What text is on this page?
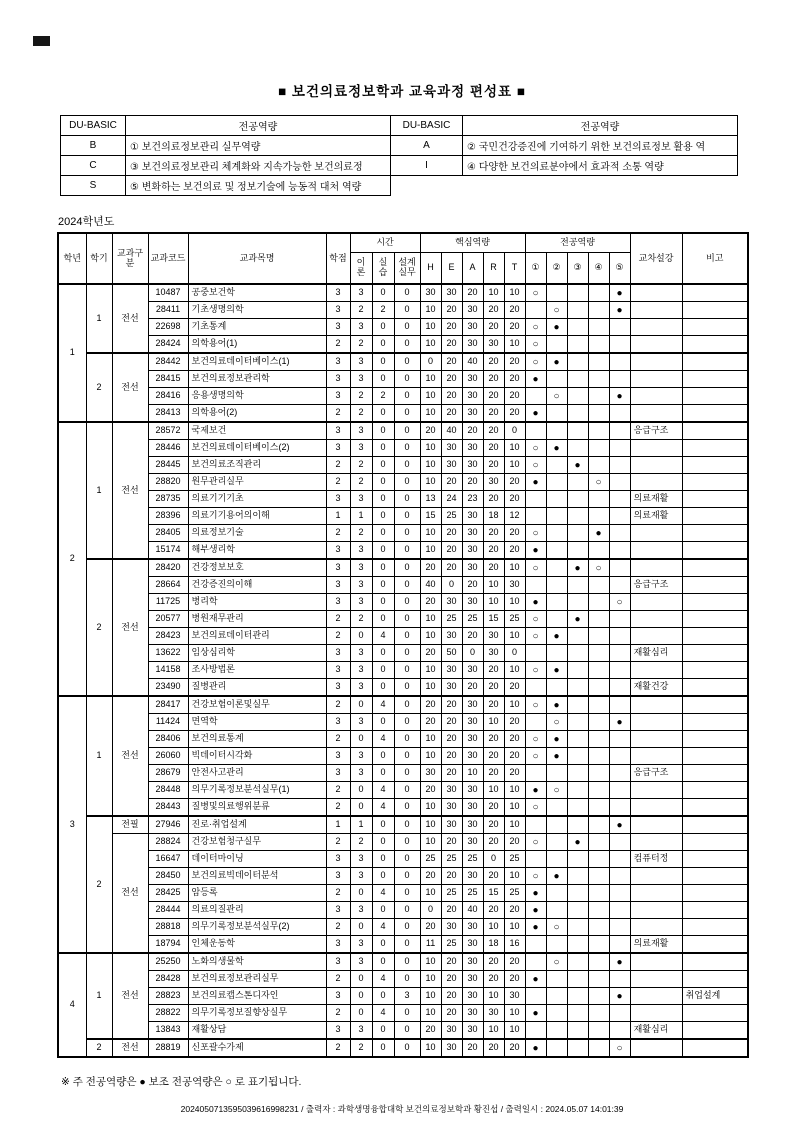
■ 보건의료정보학과 교육과정 편성표 ■
DU-BASIC	전공역량	DU-BASIC	전공역량
B	① 보건의료정보관리 실무역량	A	② 국민건강증진에 기여하기 위한 보건의료정보 활용 역
C	③ 보건의료정보관리 체계화와 지속가능한 보건의료정	I	④ 다양한 보건의료분야에서 효과적 소통 역량
S	⑤ 변화하는 보건의료 및 정보기술에 능동적 대처 역량		
2024학년도
학년	학기	교과구분	교과코드	교과목명	학점	시간			핵심역량					전공역량					교차설강	비고
						이론	실습	설계실무	H	E	A	R	T	①	②	③	④	⑤		
1	1	전선	10487	공중보건학	3	3	0	0	30	30	20	10	10	○				●		
			28411	기초생명의학	3	2	2	0	10	20	30	20	20		○			●		
			22698	기초통계	3	3	0	0	10	20	30	20	20	○	●					
			28424	의학용어(1)	2	2	0	0	10	20	30	30	10	○						
	2	전선	28442	보건의료데이터베이스(1)	3	3	0	0	0	20	40	20	20	○	●					
			28415	보건의료정보관리학	3	3	0	0	10	20	30	20	20	●						
			28416	응용생명의학	3	2	2	0	10	20	30	20	20		○			●		
			28413	의학용어(2)	2	2	0	0	10	20	30	20	20	●						
2	1	전선	28572	국제보건	3	3	0	0	20	40	20	20	0						응급구조	
			28446	보건의료데이터베이스(2)	3	3	0	0	10	30	30	20	10	○	●					
			28445	보건의료조직관리	2	2	0	0	10	30	30	20	10	○		●				
			28820	원무관리실무	2	2	0	0	10	20	20	30	20	●			○			
			28735	의료기기기초	3	3	0	0	13	24	23	20	20						의료재활	
			28396	의료기기용어의이해	1	1	0	0	15	25	30	18	12						의료재활	
			28405	의료정보기술	2	2	0	0	10	20	30	20	20	○			●			
			15174	해부생리학	3	3	0	0	10	20	30	20	20	●						
	2	전선	28420	건강정보보호	3	3	0	0	20	20	30	20	10	○		●	○			
			28664	건강증진의이해	3	3	0	0	40	0	20	10	30						응급구조	
			11725	병리학	3	3	0	0	20	30	30	10	10	●				○		
			20577	병원재무관리	2	2	0	0	10	25	25	15	25	○		●				
			28423	보건의료데이터관리	2	0	4	0	10	30	20	30	10	○	●					
			13622	임상심리학	3	3	0	0	20	50	0	30	0						재활심리	
			14158	조사방법론	3	3	0	0	10	30	30	20	10	○	●					
			23490	질병관리	3	3	0	0	10	30	20	20	20						재활건강	
3	1	전선	28417	건강보험이론및실무	2	0	4	0	20	20	30	20	10	○	●					
			11424	면역학	3	3	0	0	20	20	30	10	20		○			●		
			28406	보건의료통계	2	0	4	0	10	20	30	20	20	○	●					
			26060	빅데이터시각화	3	3	0	0	10	20	30	20	20	○	●					
			28679	안전사고관리	3	3	0	0	30	20	10	20	20						응급구조	
			28448	의무기록정보분석실무(1)	2	0	4	0	20	30	30	10	10	●	○					
			28443	질병및의료행위분류	2	0	4	0	10	30	30	20	10	○						
	2	전필	27946	진로·취업설계	1	1	0	0	10	30	30	20	10					●		
		전선	28824	건강보험청구실무	2	2	0	0	10	20	30	20	20	○		●				
			16647	데이터마이닝	3	3	0	0	25	25	25	0	25						컴퓨터정	
			28450	보건의료빅데이터분석	3	3	0	0	20	20	30	20	10	○	●					
			28425	암등록	2	0	4	0	10	25	25	15	25	●						
			28444	의료의질관리	3	3	0	0	0	20	40	20	20	●						
			28818	의무기록정보분석실무(2)	2	0	4	0	20	30	30	10	10	●	○					
			18794	인체운동학	3	3	0	0	11	25	30	18	16						의료재활	
4	1	전선	25250	노화의생물학	3	3	0	0	10	20	30	20	20		○			●		
			28428	보건의료정보관리실무	2	0	4	0	10	20	30	20	20	●						
			28823	보건의료캡스톤디자인	3	0	0	3	10	20	30	10	30					●		취업설계
			28822	의무기록정보질향상실무	2	0	4	0	10	20	30	30	10	●						
			13843	재활상담	3	3	0	0	20	30	30	10	10						재활심리	
	2	전선	28819	신포괄수가제	2	2	0	0	10	30	20	20	20	●				○		
※ 주 전공역량은 ● 보조 전공역량은 ○ 로 표기됩니다.
2024050713595039616998231 / 출력자 : 과학생명융합대학 보건의료정보학과 황진섭 / 출력일시 : 2024.05.07 14:01:39
